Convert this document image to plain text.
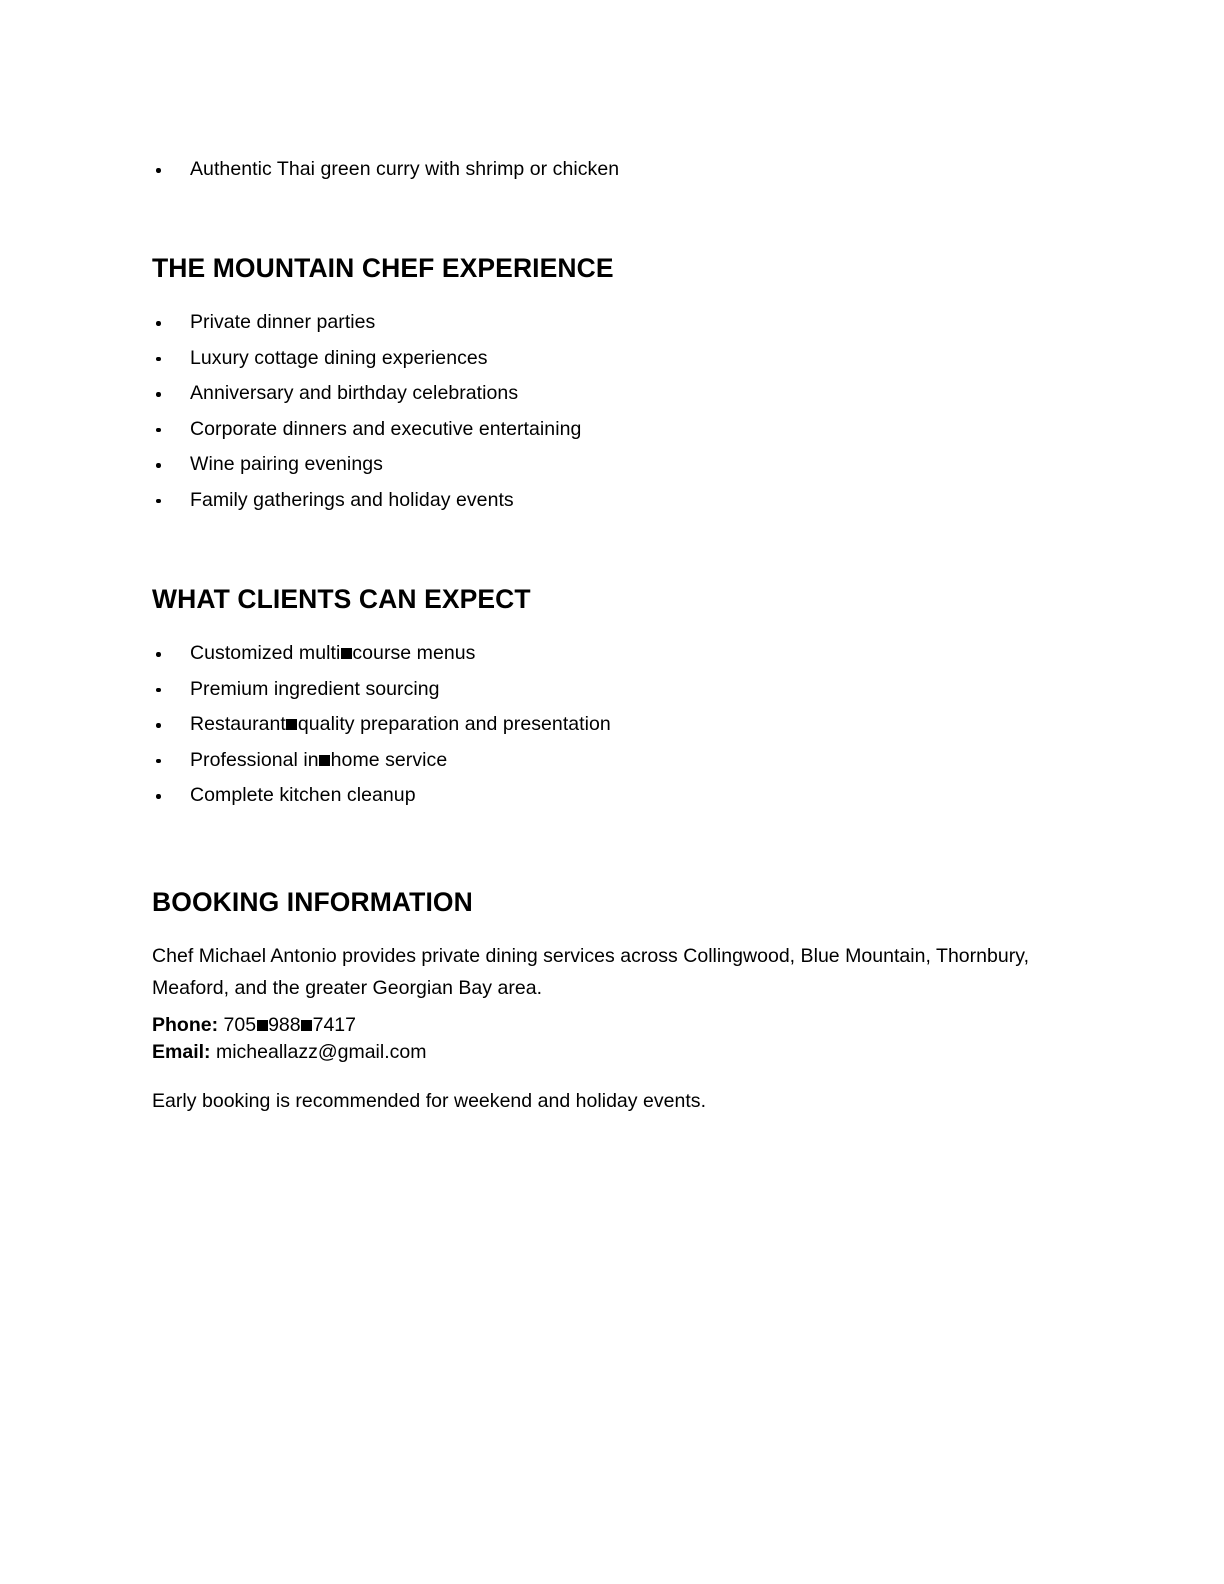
Authentic Thai green curry with shrimp or chicken
THE MOUNTAIN CHEF EXPERIENCE
Private dinner parties
Luxury cottage dining experiences
Anniversary and birthday celebrations
Corporate dinners and executive entertaining
Wine pairing evenings
Family gatherings and holiday events
WHAT CLIENTS CAN EXPECT
Customized multi course menus
Premium ingredient sourcing
Restaurant quality preparation and presentation
Professional in home service
Complete kitchen cleanup
BOOKING INFORMATION

Chef Michael Antonio provides private dining services across Collingwood, Blue Mountain, Thornbury, Meaford, and the greater Georgian Bay area.

Phone: 705 988 7417
Email: micheallazz@gmail.com

Early booking is recommended for weekend and holiday events.
